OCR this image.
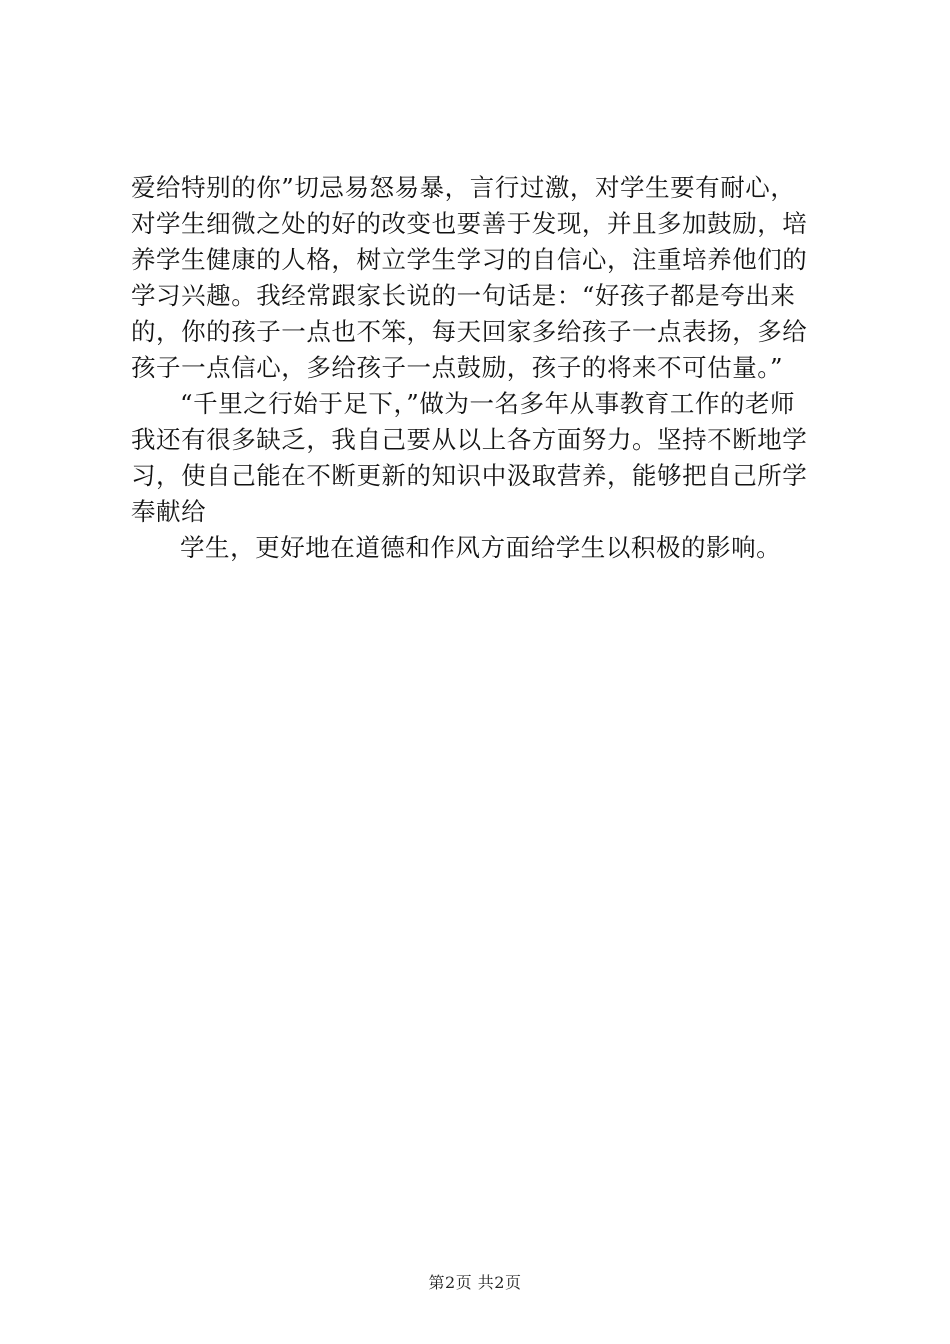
爱给特别的你”切忌易怒易暴，言行过激，对学生要有耐心，
对学生细微之处的好的改变也要善于发现，并且多加鼓励，培
养学生健康的人格，树立学生学习的自信心，注重培养他们的
学习兴趣。我经常跟家长说的一句话是：“好孩子都是夸出来
的，你的孩子一点也不笨，每天回家多给孩子一点表扬，多给
孩子一点信心，多给孩子一点鼓励，孩子的将来不可估量。”
“千里之行始于足下，”做为一名多年从事教育工作的老师
我还有很多缺乏，我自己要从以上各方面努力。坚持不断地学
习，使自己能在不断更新的知识中汲取营养，能够把自己所学
奉献给
学生，更好地在道德和作风方面给学生以积极的影响。
第2页 共2页
